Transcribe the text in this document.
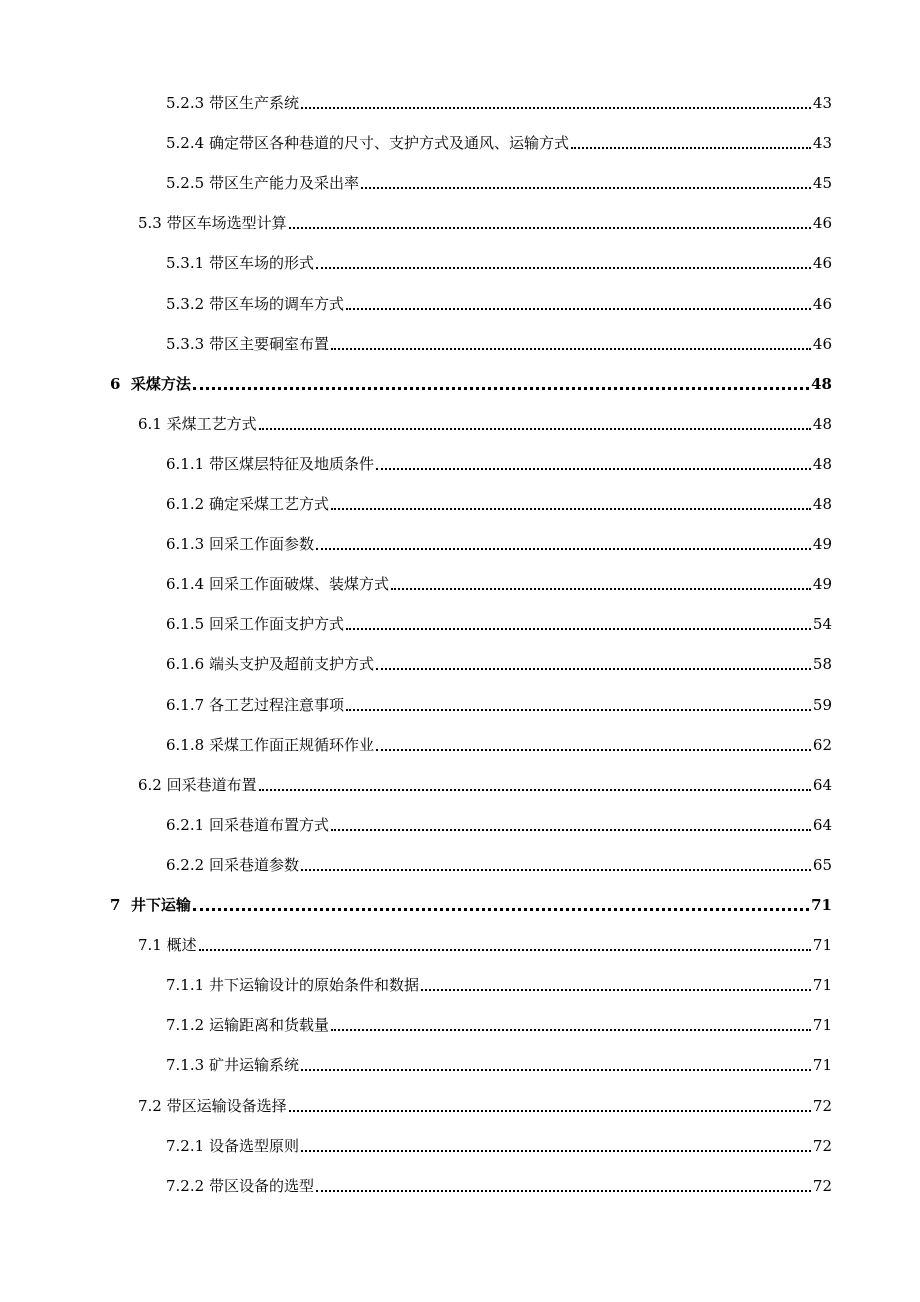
5.2.3 带区生产系统	43
5.2.4 确定带区各种巷道的尺寸、支护方式及通风、运输方式	43
5.2.5 带区生产能力及采出率	45
5.3 带区车场选型计算	46
5.3.1 带区车场的形式	46
5.3.2 带区车场的调车方式	46
5.3.3 带区主要硐室布置	46
6 采煤方法	48
6.1 采煤工艺方式	48
6.1.1 带区煤层特征及地质条件	48
6.1.2 确定采煤工艺方式	48
6.1.3 回采工作面参数	49
6.1.4 回采工作面破煤、装煤方式	49
6.1.5 回采工作面支护方式	54
6.1.6 端头支护及超前支护方式	58
6.1.7 各工艺过程注意事项	59
6.1.8 采煤工作面正规循环作业	62
6.2 回采巷道布置	64
6.2.1 回采巷道布置方式	64
6.2.2 回采巷道参数	65
7 井下运输	71
7.1 概述	71
7.1.1 井下运输设计的原始条件和数据	71
7.1.2 运输距离和货载量	71
7.1.3 矿井运输系统	71
7.2 带区运输设备选择	72
7.2.1 设备选型原则	72
7.2.2 带区设备的选型	72
